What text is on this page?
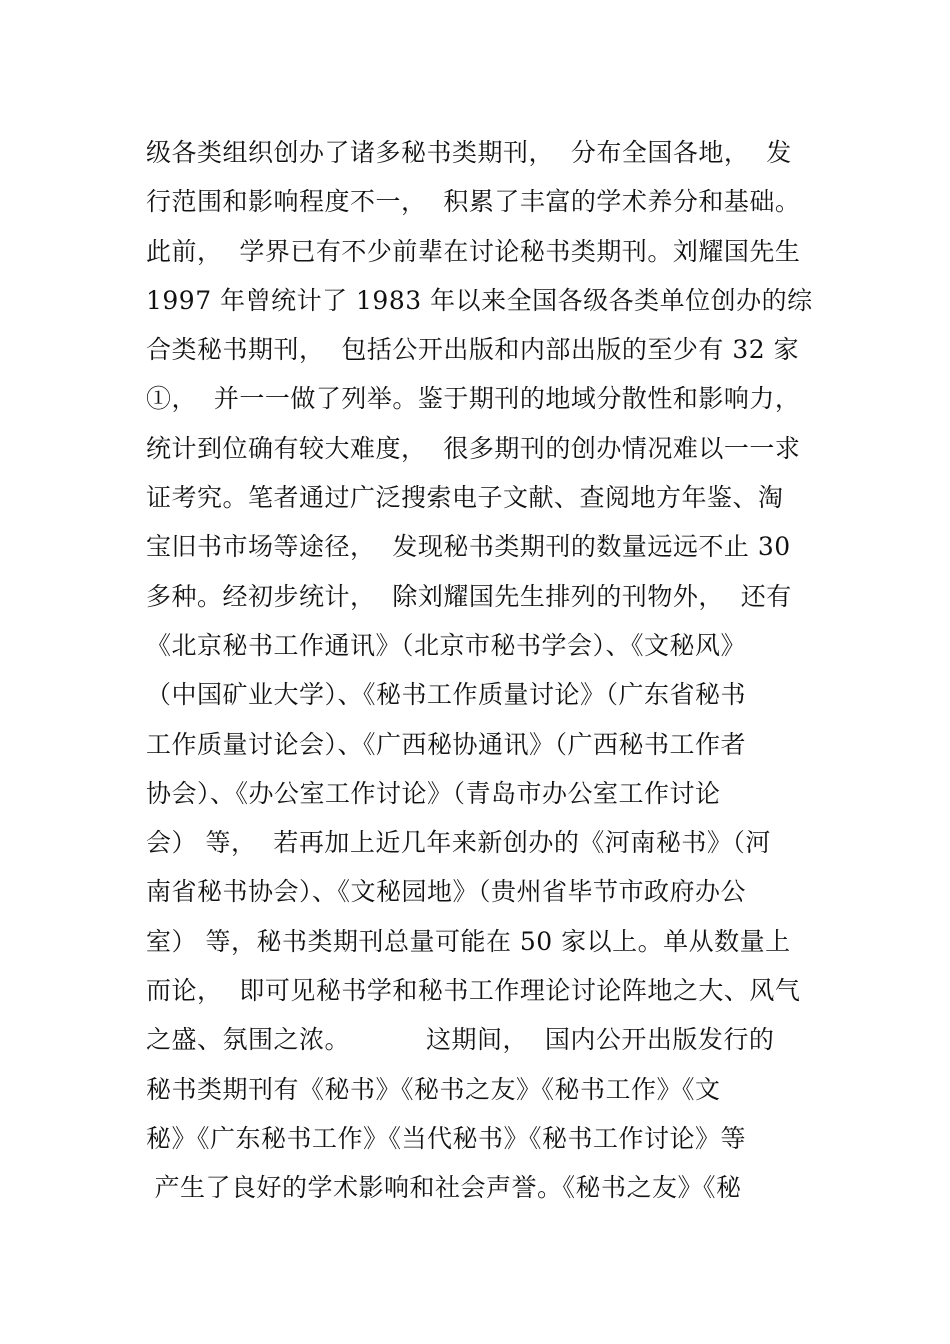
级各类组织创办了诸多秘书类期刊，  分布全国各地，  发
行范围和影响程度不一，  积累了丰富的学术养分和基础。
此前，  学界已有不少前辈在讨论秘书类期刊。刘耀国先生
1997 年曾统计了 1983 年以来全国各级各类单位创办的综
合类秘书期刊，  包括公开出版和内部出版的至少有 32 家
①，  并一一做了列举。鉴于期刊的地域分散性和影响力，
统计到位确有较大难度，  很多期刊的创办情况难以一一求
证考究。笔者通过广泛搜索电子文献、查阅地方年鉴、淘
宝旧书市场等途径，  发现秘书类期刊的数量远远不止 30
多种。经初步统计，  除刘耀国先生排列的刊物外，  还有
《北京秘书工作通讯》（北京市秘书学会）、《文秘风》
（中国矿业大学）、《秘书工作质量讨论》（广东省秘书
工作质量讨论会）、《广西秘协通讯》（广西秘书工作者
协会）、《办公室工作讨论》（青岛市办公室工作讨论
会） 等，  若再加上近几年来新创办的《河南秘书》（河
南省秘书协会）、《文秘园地》（贵州省毕节市政府办公
室） 等，秘书类期刊总量可能在 50 家以上。单从数量上
而论，  即可见秘书学和秘书工作理论讨论阵地之大、风气
之盛、氛围之浓。         这期间，  国内公开出版发行的
秘书类期刊有《秘书》《秘书之友》《秘书工作》《文
秘》《广东秘书工作》《当代秘书》《秘书工作讨论》等
产生了良好的学术影响和社会声誉。《秘书之友》《秘
